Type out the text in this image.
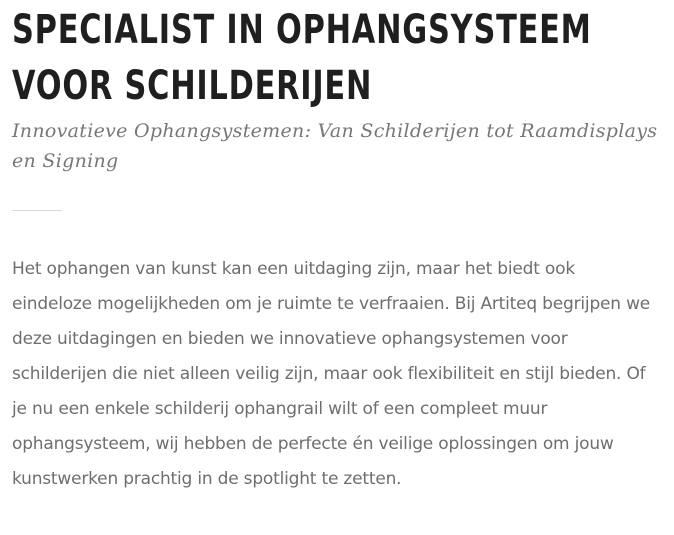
SPECIALIST IN OPHANGSYSTEEM VOOR SCHILDERIJEN

Innovatieve Ophangsystemen: Van Schilderijen tot Raamdisplays en Signing

Het ophangen van kunst kan een uitdaging zijn, maar het biedt ook eindeloze mogelijkheden om je ruimte te verfraaien. Bij Artiteq begrijpen we deze uitdagingen en bieden we innovatieve ophangsystemen voor schilderijen die niet alleen veilig zijn, maar ook flexibiliteit en stijl bieden. Of je nu een enkele schilderij ophangrail wilt of een compleet muur ophangsysteem, wij hebben de perfecte én veilige oplossingen om jouw kunstwerken prachtig in de spotlight te zetten.
